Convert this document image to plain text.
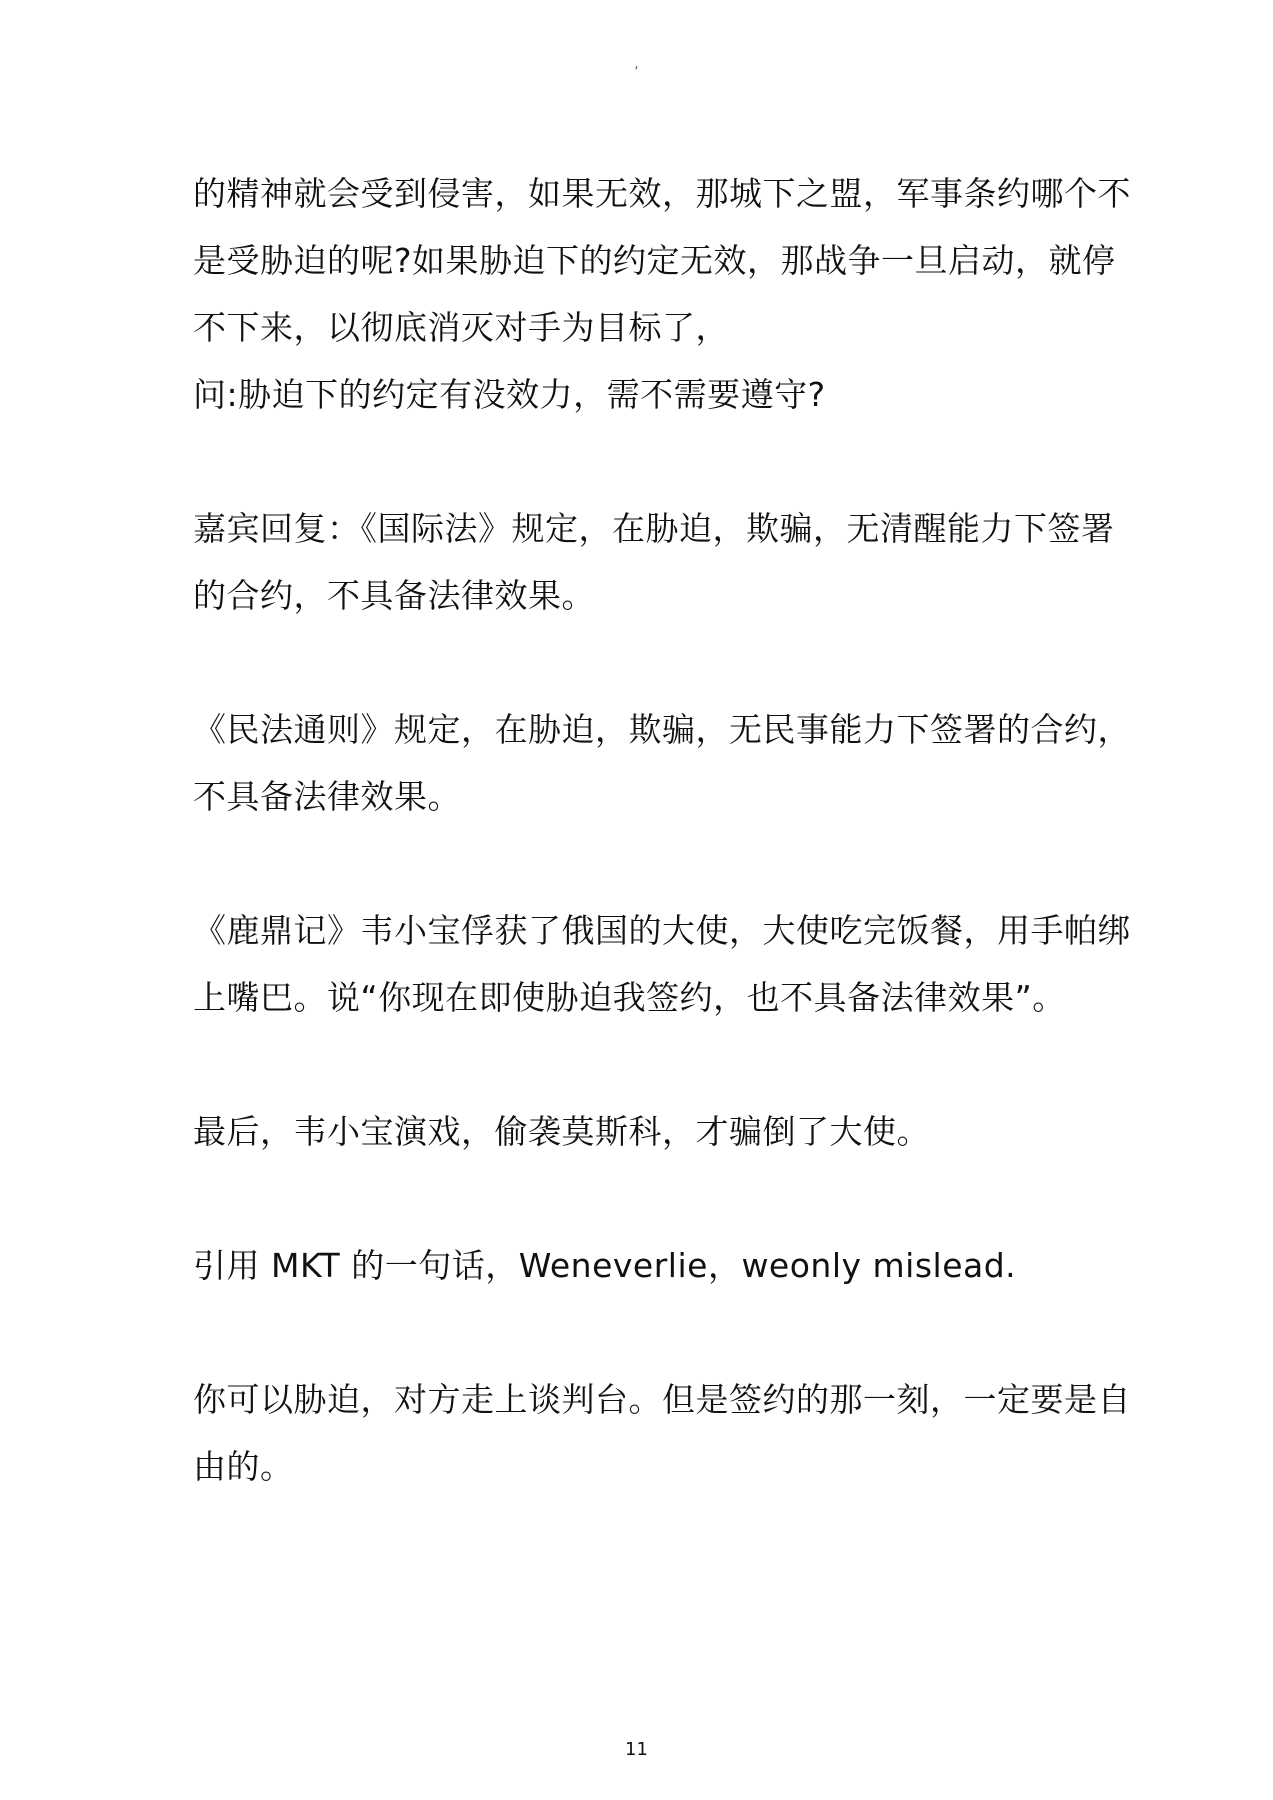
,
的精神就会受到侵害，如果无效，那城下之盟，军事条约哪个不
是受胁迫的呢?如果胁迫下的约定无效，那战争一旦启动，就停
不下来，以彻底消灭对手为目标了，
问:胁迫下的约定有没效力，需不需要遵守?
嘉宾回复：《国际法》规定，在胁迫，欺骗，无清醒能力下签署
的合约，不具备法律效果。
《民法通则》规定，在胁迫，欺骗，无民事能力下签署的合约，
不具备法律效果。
《鹿鼎记》韦小宝俘获了俄国的大使，大使吃完饭餐，用手帕绑
上嘴巴。说“你现在即使胁迫我签约，也不具备法律效果”。
最后，韦小宝演戏，偷袭莫斯科，才骗倒了大使。
引用 MKT 的一句话，Weneverlie，weonly mislead.
你可以胁迫，对方走上谈判台。但是签约的那一刻，一定要是自
由的。
11
